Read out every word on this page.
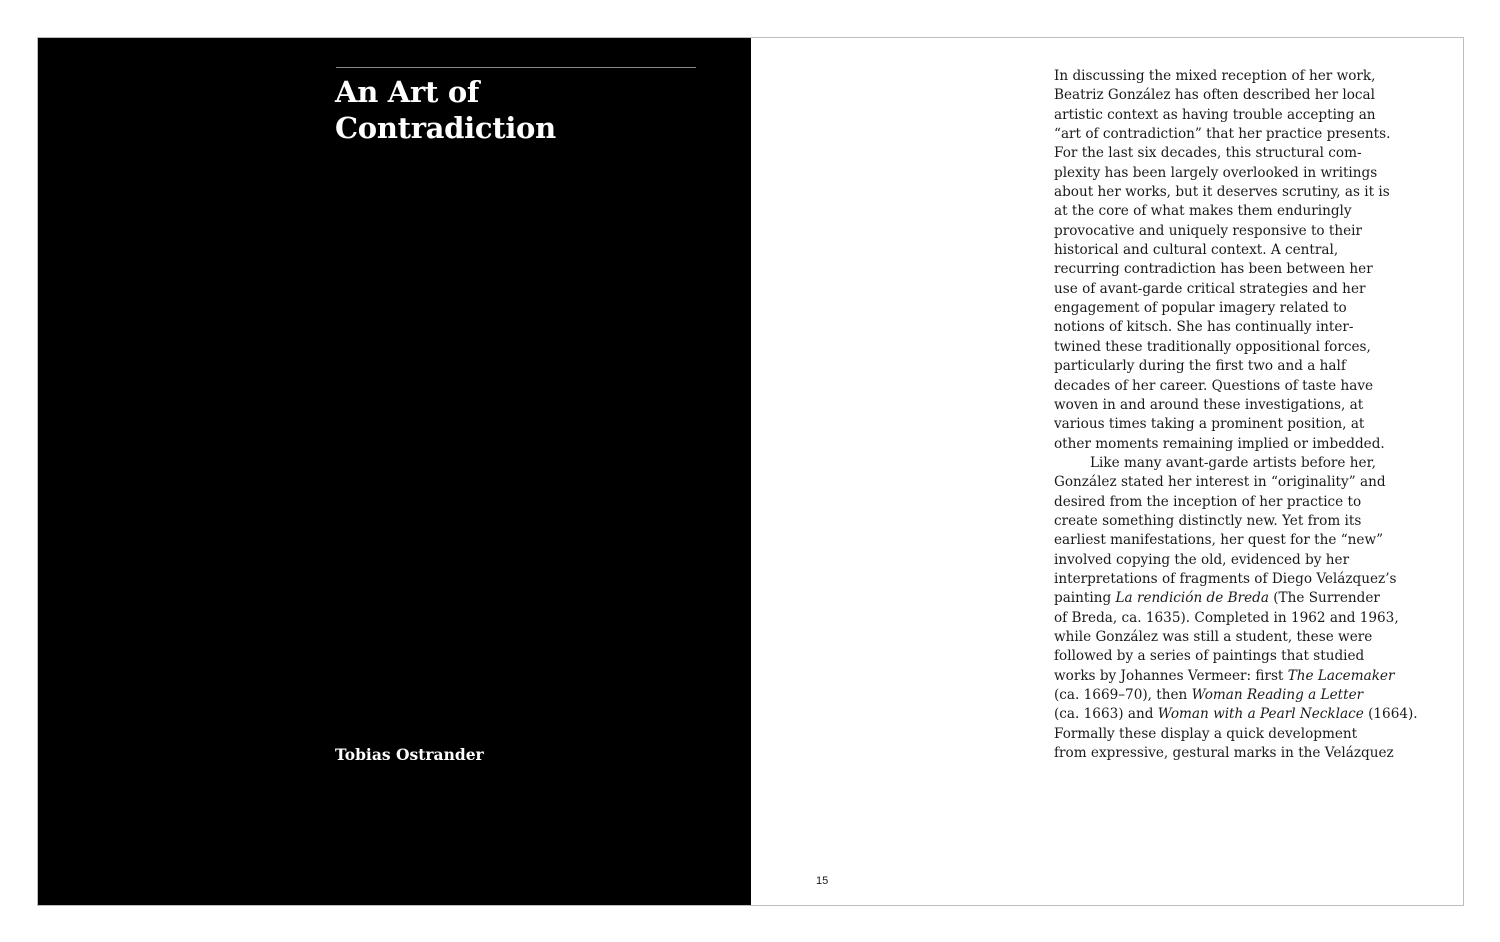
An Art of
Contradiction
Tobias Ostrander
In discussing the mixed reception of her work,
Beatriz González has often described her local
artistic context as having trouble accepting an
“art of contradiction” that her practice presents.
For the last six decades, this structural com-
plexity has been largely overlooked in writings
about her works, but it deserves scrutiny, as it is
at the core of what makes them enduringly
provocative and uniquely responsive to their
historical and cultural context. A central,
recurring contradiction has been between her
use of avant-garde critical strategies and her
engagement of popular imagery related to
notions of kitsch. She has continually inter-
twined these traditionally oppositional forces,
particularly during the first two and a half
decades of her career. Questions of taste have
woven in and around these investigations, at
various times taking a prominent position, at
other moments remaining implied or imbedded.
Like many avant-garde artists before her,
González stated her interest in “originality” and
desired from the inception of her practice to
create something distinctly new. Yet from its
earliest manifestations, her quest for the “new”
involved copying the old, evidenced by her
interpretations of fragments of Diego Velázquez’s
painting La rendición de Breda (The Surrender
of Breda, ca. 1635). Completed in 1962 and 1963,
while González was still a student, these were
followed by a series of paintings that studied
works by Johannes Vermeer: first The Lacemaker
(ca. 1669–70), then Woman Reading a Letter
(ca. 1663) and Woman with a Pearl Necklace (1664).
Formally these display a quick development
from expressive, gestural marks in the Velázquez
15
